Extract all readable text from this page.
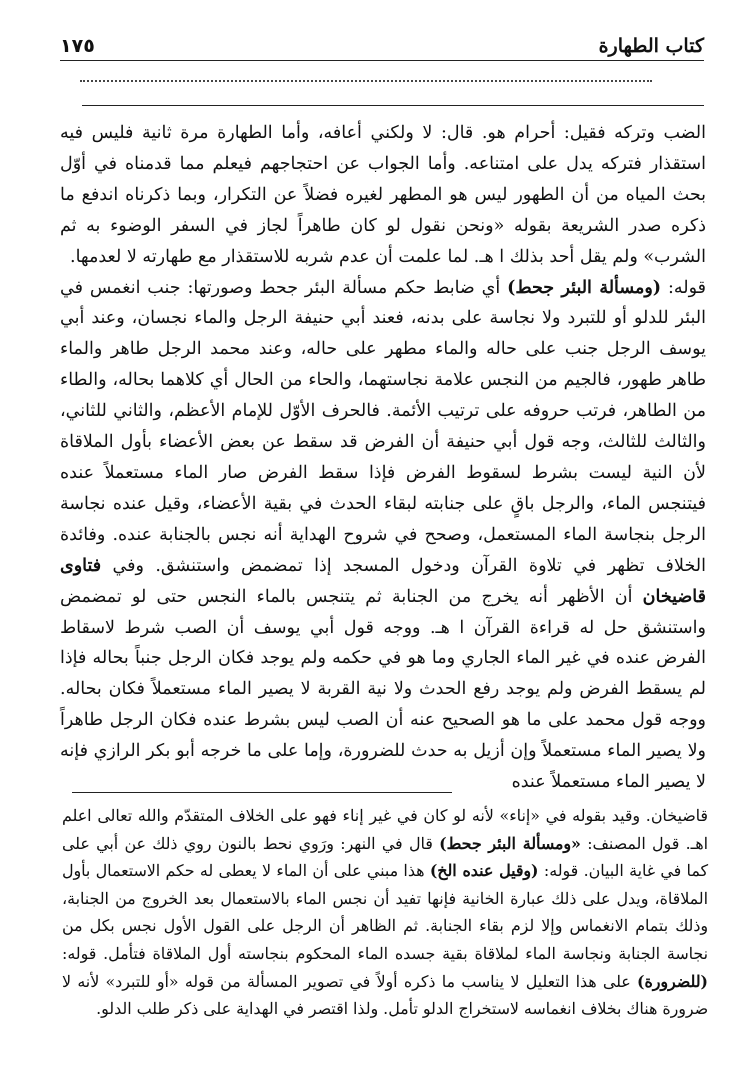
١٧٥	كتاب الطهارة

الضب وتركه فقيل: أحرام هو. قال: لا ولكني أعافه، وأما الطهارة مرة ثانية فليس فيه استقذار فتركه يدل على امتناعه. وأما الجواب عن احتجاجهم فيعلم مما قدمناه في أوّل بحث المياه من أن الطهور ليس هو المطهر لغيره فضلاً عن التكرار، وبما ذكرناه اندفع ما ذكره صدر الشريعة بقوله «ونحن نقول لو كان طاهراً لجاز في السفر الوضوء به ثم الشرب» ولم يقل أحد بذلك ا هـ. لما علمت أن عدم شربه للاستقذار مع طهارته لا لعدمها.

قوله: (ومسألة البئر جحط) أي ضابط حكم مسألة البئر جحط وصورتها: جنب انغمس في البئر للدلو أو للتبرد ولا نجاسة على بدنه، فعند أبي حنيفة الرجل والماء نجسان، وعند أبي يوسف الرجل جنب على حاله والماء مطهر على حاله، وعند محمد الرجل طاهر والماء طاهر طهور، فالجيم من النجس علامة نجاستهما، والحاء من الحال أي كلاهما بحاله، والطاء من الطاهر، فرتب حروفه على ترتيب الأئمة. فالحرف الأوّل للإمام الأعظم، والثاني للثاني، والثالث للثالث، وجه قول أبي حنيفة أن الفرض قد سقط عن بعض الأعضاء بأول الملاقاة لأن النية ليست بشرط لسقوط الفرض فإذا سقط الفرض صار الماء مستعملاً عنده فيتنجس الماء، والرجل باقٍ على جنابته لبقاء الحدث في بقية الأعضاء، وقيل عنده نجاسة الرجل بنجاسة الماء المستعمل، وصحح في شروح الهداية أنه نجس بالجنابة عنده. وفائدة الخلاف تظهر في تلاوة القرآن ودخول المسجد إذا تمضمض واستنشق. وفي فتاوى قاضيخان أن الأظهر أنه يخرج من الجنابة ثم يتنجس بالماء النجس حتى لو تمضمض واستنشق حل له قراءة القرآن ا هـ. ووجه قول أبي يوسف أن الصب شرط لاسقاط الفرض عنده في غير الماء الجاري وما هو في حكمه ولم يوجد فكان الرجل جنباً بحاله فإذا لم يسقط الفرض ولم يوجد رفع الحدث ولا نية القربة لا يصير الماء مستعملاً فكان بحاله. ووجه قول محمد على ما هو الصحيح عنه أن الصب ليس بشرط عنده فكان الرجل طاهراً ولا يصير الماء مستعملاً وإن أزيل به حدث للضرورة، وإما على ما خرجه أبو بكر الرازي فإنه لا يصير الماء مستعملاً عنده

قاضيخان. وقيد بقوله في «إناء» لأنه لو كان في غير إناء فهو على الخلاف المتقدّم والله تعالى اعلم اهـ. قول المصنف: «ومسألة البئر جحط) قال في النهر: ورَوي نحط بالنون روي ذلك عن أبي على كما في غاية البيان. قوله: (وقيل عنده الخ) هذا مبني على أن الماء لا يعطى له حكم الاستعمال بأول الملاقاة، ويدل على ذلك عبارة الخانية فإنها تفيد أن نجس الماء بالاستعمال بعد الخروج من الجنابة، وذلك بتمام الانغماس وإلا لزم بقاء الجنابة. ثم الظاهر أن الرجل على القول الأول نجس بكل من نجاسة الجنابة ونجاسة الماء لملاقاة بقية جسده الماء المحكوم بنجاسته أول الملاقاة فتأمل. قوله: (للضرورة) على هذا التعليل لا يناسب ما ذكره أولاً في تصوير المسألة من قوله «أو للتبرد» لأنه لا ضرورة هناك بخلاف انغماسه لاستخراج الدلو تأمل. ولذا اقتصر في الهداية على ذكر طلب الدلو.
